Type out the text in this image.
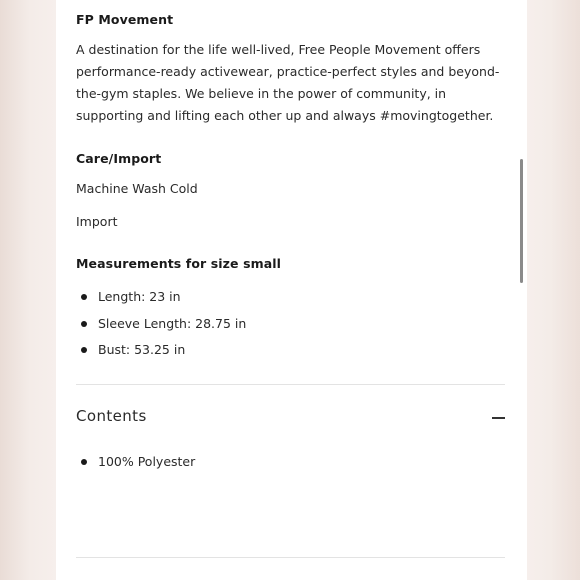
FP Movement
A destination for the life well-lived, Free People Movement offers
performance-ready activewear, practice-perfect styles and beyond-
the-gym staples. We believe in the power of community, in
supporting and lifting each other up and always #movingtogether.
Care/Import
Machine Wash Cold
Import
Measurements for size small
Length: 23 in
Sleeve Length: 28.75 in
Bust: 53.25 in
Contents
100% Polyester
